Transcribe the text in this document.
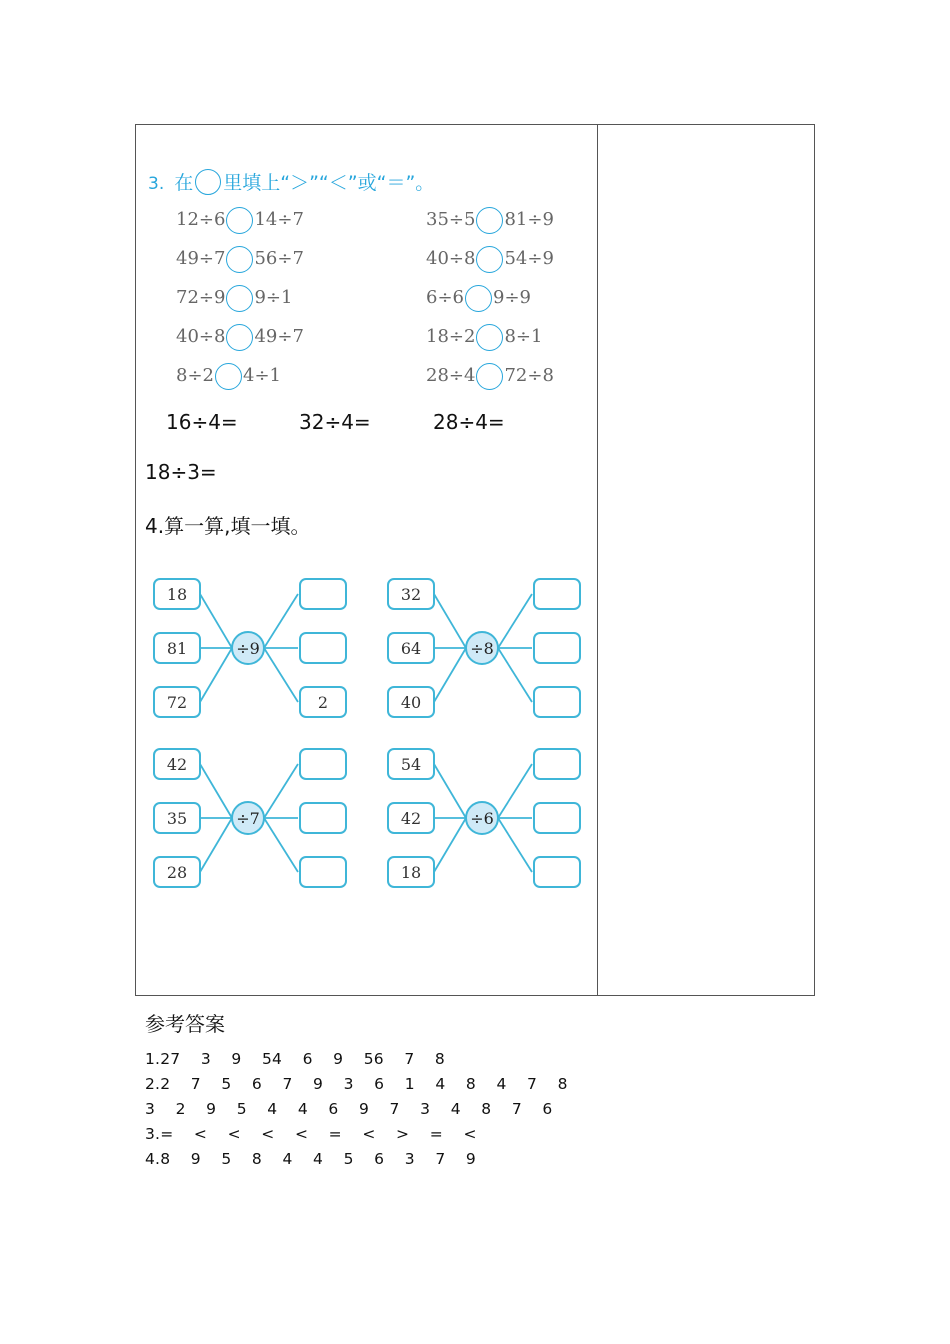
3. 在 里填上“＞”“＜”或“＝”。
12÷6 14÷7	35÷5 81÷9
49÷7 56÷7	40÷8 54÷9
72÷9 9÷1	6÷6 9÷9
40÷8 49÷7	18÷2 8÷1
8÷2 4÷1	28÷4 72÷8
16÷4=	32÷4=	28÷4=
18÷3=
4.算一算,填一填。
18
81
72	2
÷9
32
64
40
÷8
42
35
28
÷7
54
42
18
÷6
参考答案
1.27    3    9    54    6    9    56    7    8
2.2    7    5    6    7    9    3    6    1    4    8    4    7    8
3    2    9    5    4    4    6    9    7    3    4    8    7    6
3.=    <    <    <    <    =    <    >    =    <
4.8    9    5    8    4    4    5    6    3    7    9
